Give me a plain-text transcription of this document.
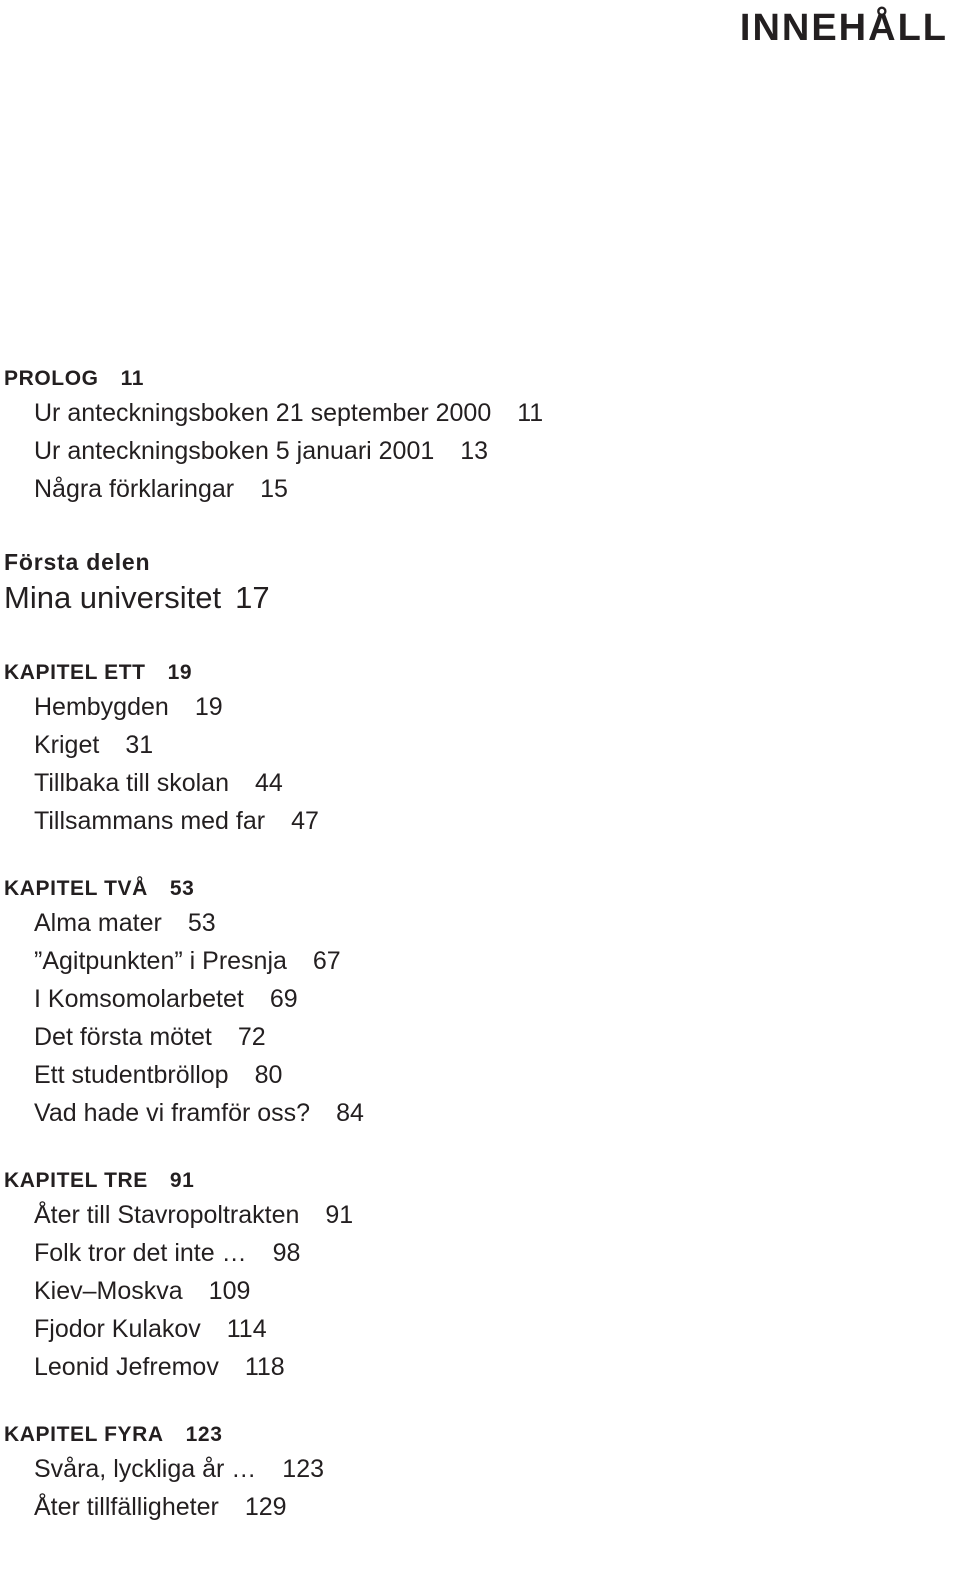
INNEHÅLL
PROLOG 11
Ur anteckningsboken 21 september 2000 11
Ur anteckningsboken 5 januari 2001 13
Några förklaringar 15
Första delen
Mina universitet 17
KAPITEL ETT 19
Hembygden 19
Kriget 31
Tillbaka till skolan 44
Tillsammans med far 47
KAPITEL TVÅ 53
Alma mater 53
”Agitpunkten” i Presnja 67
I Komsomolarbetet 69
Det första mötet 72
Ett studentbröllop 80
Vad hade vi framför oss? 84
KAPITEL TRE 91
Åter till Stavropoltrakten 91
Folk tror det inte … 98
Kiev–Moskva 109
Fjodor Kulakov 114
Leonid Jefremov 118
KAPITEL FYRA 123
Svåra, lyckliga år … 123
Åter tillfälligheter 129
